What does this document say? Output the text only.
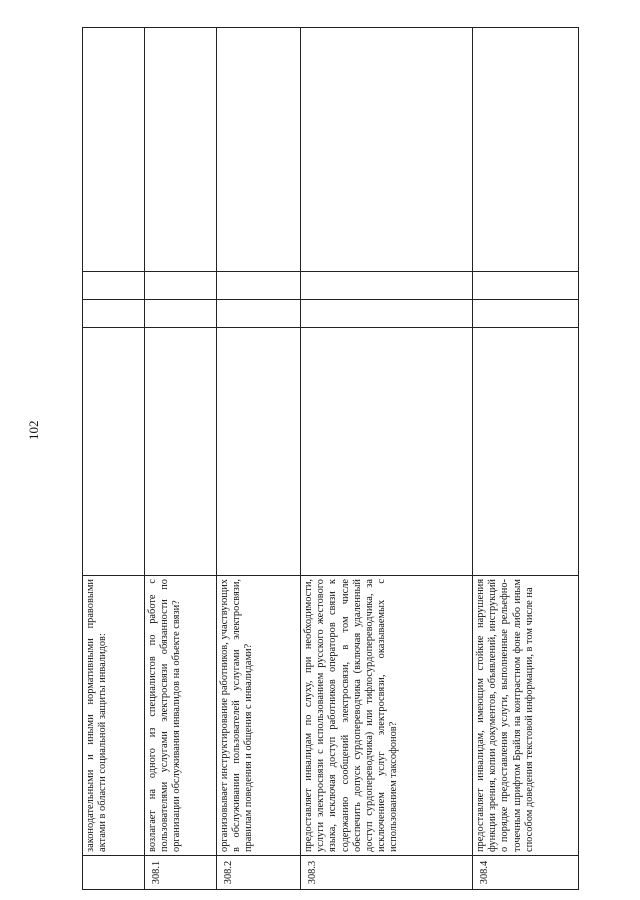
102

	законодательными и иными нормативными правовыми актами в области социальной защиты инвалидов:				

308.1	возлагает на одного из специалистов по работе с пользователями услугами электросвязи обязанности по организации обслуживания инвалидов на объекте связи?				

308.2	организовывает инструктирование работников, участвующих в обслуживании пользователей услугами электросвязи, правилам поведения и общения с инвалидами?				

308.3	предоставляет инвалидам по слуху, при необходимости, услуги электросвязи с использованием русского жестового языка, исключая доступ работников операторов связи к содержанию сообщений электросвязи, в том числе обеспечить допуск сурдопереводчика (включая удаленный доступ сурдопереводчика) или тифлосурдопереводчика, за исключением услуг электросвязи, оказываемых с использованием таксофонов?				

308.4	предоставляет инвалидам, имеющим стойкие нарушения функции зрения, копии документов, объявлений, инструкций о порядке предоставления услуги, выполненные рельефно-точечным шрифтом Брайля на контрастном фоне либо иным способом доведения текстовой информации, в том числе на				
